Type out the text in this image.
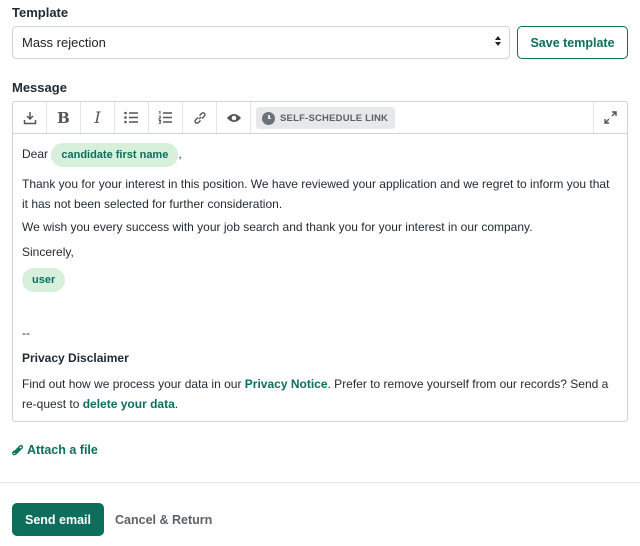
Template
Mass rejection	Save template
Message
B	I	SELF-SCHEDULE LINK
Dear candidate first name ,
Thank you for your interest in this position. We have reviewed your application and we regret to inform you that it has not been selected for further consideration.
We wish you every success with your job search and thank you for your interest in our company.
Sincerely,
user
--
Privacy Disclaimer
Find out how we process your data in our Privacy Notice. Prefer to remove yourself from our records? Send a re-quest to delete your data.
Attach a file
Send email	Cancel & Return
